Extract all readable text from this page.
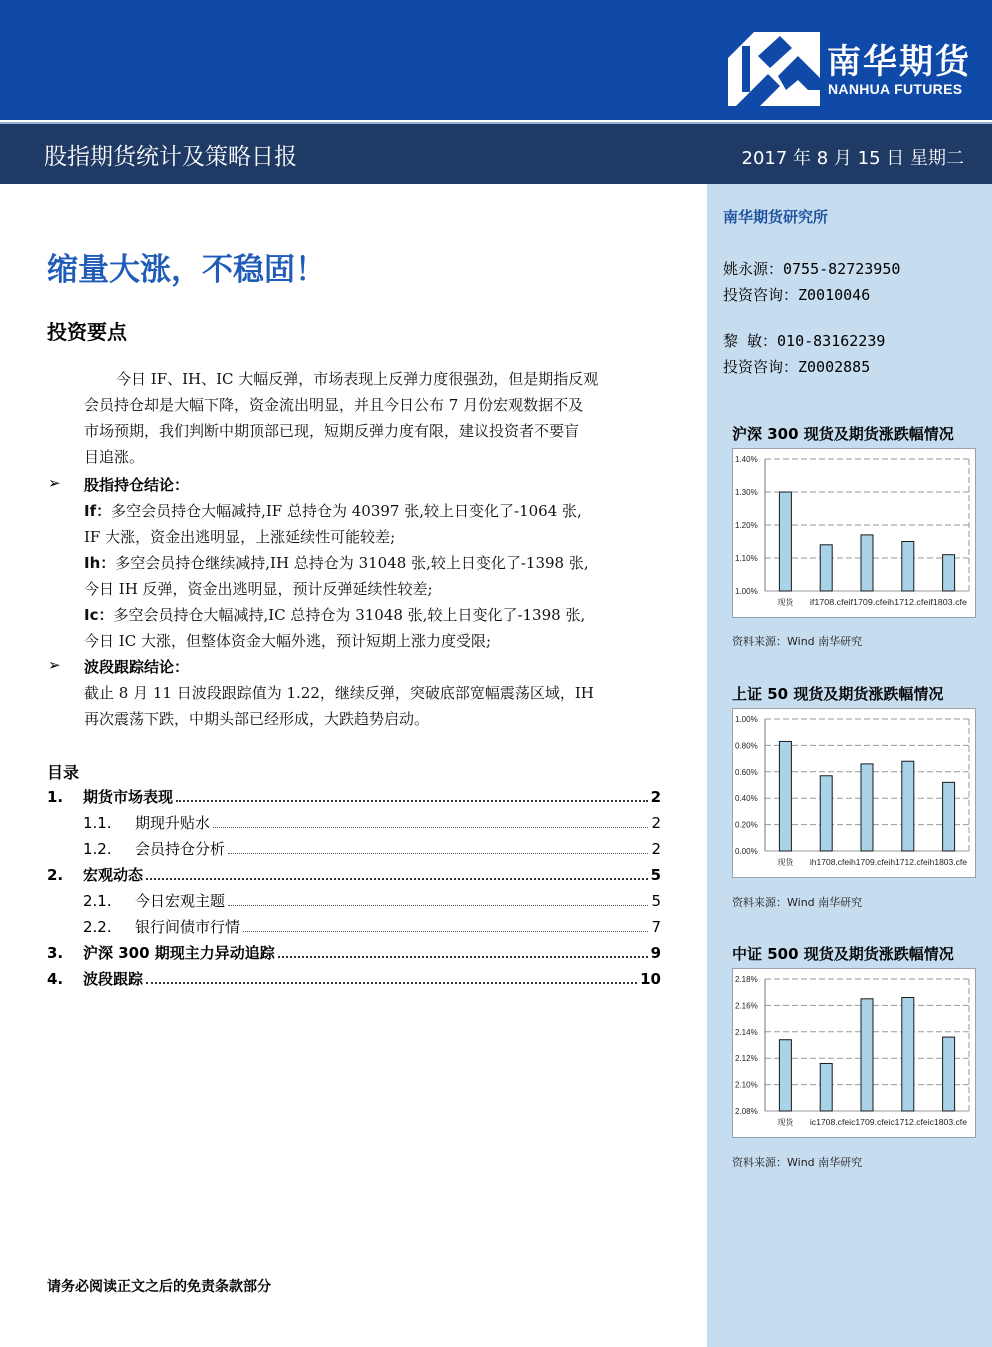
南华期货
NANHUA FUTURES
股指期货统计及策略日报	2017 年 8 月 15 日 星期二
南华期货研究所
姚永源：0755-82723950
投资咨询：Z0010046
黎 敏：010-83162239
投资咨询：Z0002885
沪深 300 现货及期货涨跌幅情况
1.40%
1.30%
1.20%
1.10%
1.00%
现货 if1708.cfeif1709.cfeih1712.cfeif1803.cfe
资料来源：Wind 南华研究
上证 50 现货及期货涨跌幅情况
1.00%
0.80%
0.60%
0.40%
0.20%
0.00%
现货 ih1708.cfeih1709.cfeih1712.cfeih1803.cfe
资料来源：Wind 南华研究
中证 500 现货及期货涨跌幅情况
2.18%
2.16%
2.14%
2.12%
2.10%
2.08%
现货 ic1708.cfeic1709.cfeic1712.cfeic1803.cfe
资料来源：Wind 南华研究
缩量大涨，不稳固！
投资要点
今日 IF、IH、IC 大幅反弹，市场表现上反弹力度很强劲，但是期指反观
会员持仓却是大幅下降，资金流出明显，并且今日公布 7 月份宏观数据不及
市场预期，我们判断中期顶部已现，短期反弹力度有限，建议投资者不要盲
目追涨。
➢ 股指持仓结论：
If：多空会员持仓大幅减持,IF 总持仓为 40397 张,较上日变化了-1064 张,
IF 大涨，资金出逃明显，上涨延续性可能较差;
Ih：多空会员持仓继续减持,IH 总持仓为 31048 张,较上日变化了-1398 张,
今日 IH 反弹，资金出逃明显，预计反弹延续性较差;
Ic：多空会员持仓大幅减持,IC 总持仓为 31048 张,较上日变化了-1398 张,
今日 IC 大涨，但整体资金大幅外逃，预计短期上涨力度受限;
➢ 波段跟踪结论：
截止 8 月 11 日波段跟踪值为 1.22，继续反弹，突破底部宽幅震荡区域，IH
再次震荡下跌，中期头部已经形成，大跌趋势启动。
目录
1.	期货市场表现	2
1.1.	期现升贴水	2
1.2.	会员持仓分析	2
2.	宏观动态	5
2.1.	今日宏观主题	5
2.2.	银行间债市行情	7
3.	沪深 300 期现主力异动追踪	9
4.	波段跟踪	10
请务必阅读正文之后的免责条款部分
